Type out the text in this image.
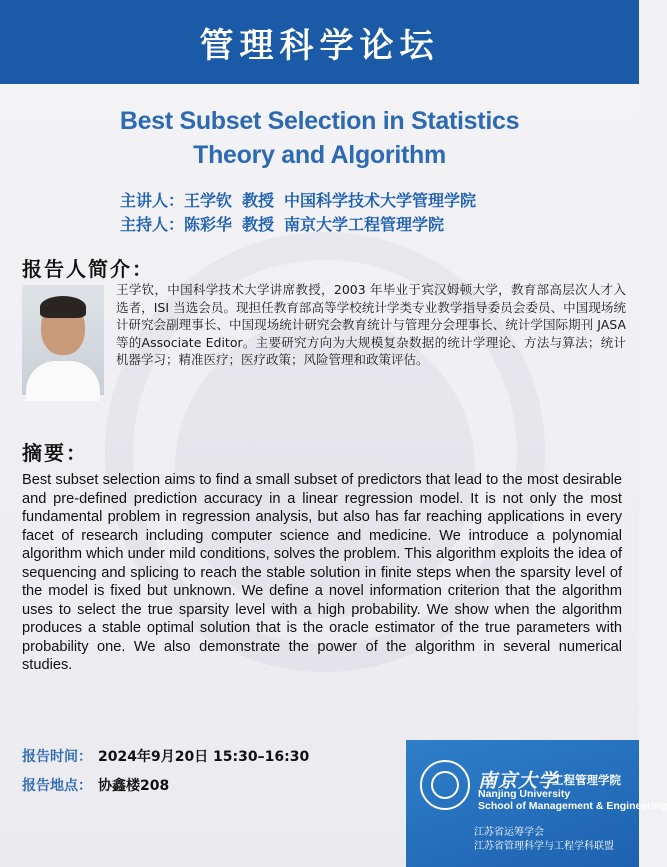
管理科学论坛
Best Subset Selection in Statistics
Theory and Algorithm
主讲人：王学钦 教授 中国科学技术大学管理学院
主持人：陈彩华 教授 南京大学工程管理学院
报告人简介：
王学钦，中国科学技术大学讲席教授，2003 年毕业于宾汉姆顿大学，教育部高层次人才入选者，ISI 当选会员。现担任教育部高等学校统计学类专业教学指导委员会委员、中国现场统计研究会副理事长、中国现场统计研究会教育统计与管理分会理事长、统计学国际期刊 JASA 等的Associate Editor。主要研究方向为大规模复杂数据的统计学理论、方法与算法；统计机器学习；精准医疗；医疗政策；风险管理和政策评估。
摘要：
Best subset selection aims to find a small subset of predictors that lead to the most desirable and pre-defined prediction accuracy in a linear regression model. It is not only the most fundamental problem in regression analysis, but also has far reaching applications in every facet of research including computer science and medicine. We introduce a polynomial algorithm which under mild conditions, solves the problem. This algorithm exploits the idea of sequencing and splicing to reach the stable solution in finite steps when the sparsity level of the model is fixed but unknown. We define a novel information criterion that the algorithm uses to select the true sparsity level with a high probability. We show when the algorithm produces a stable optimal solution that is the oracle estimator of the true parameters with probability one. We also demonstrate the power of the algorithm in several numerical studies.
报告时间： 2024年9月20日 15:30–16:30
报告地点： 协鑫楼208	南京大学
工程管理学院
Nanjing University
School of Management & Engineering
江苏省运筹学会
江苏省管理科学与工程学科联盟
